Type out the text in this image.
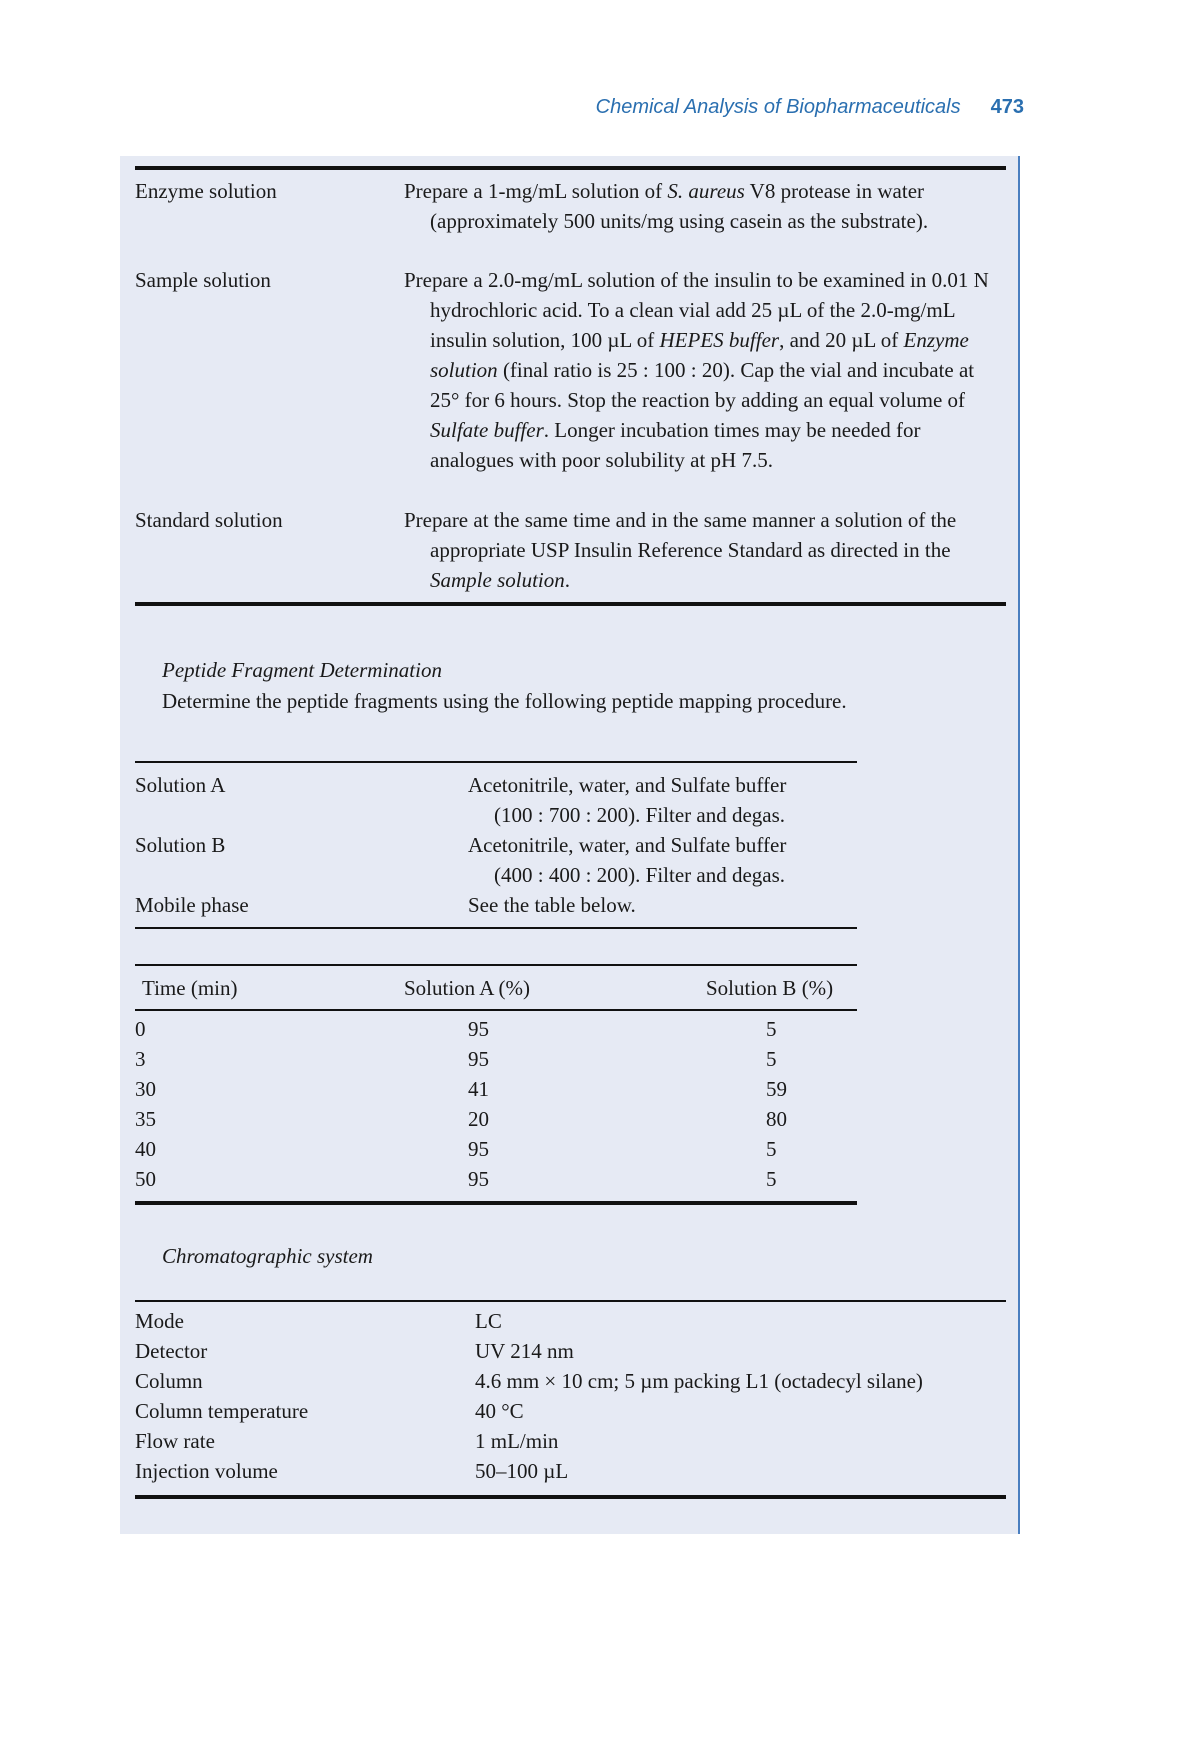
Chemical Analysis of Biopharmaceuticals 473
Enzyme solution	Prepare a 1-mg/mL solution of S. aureus V8 protease in water (approximately 500 units/mg using casein as the substrate).
Sample solution	Prepare a 2.0-mg/mL solution of the insulin to be examined in 0.01 N hydrochloric acid. To a clean vial add 25 µL of the 2.0-mg/mL insulin solution, 100 µL of HEPES buffer, and 20 µL of Enzyme solution (final ratio is 25 : 100 : 20). Cap the vial and incubate at 25° for 6 hours. Stop the reaction by adding an equal volume of Sulfate buffer. Longer incubation times may be needed for analogues with poor solubility at pH 7.5.
Standard solution	Prepare at the same time and in the same manner a solution of the appropriate USP Insulin Reference Standard as directed in the Sample solution.
Peptide Fragment Determination
Determine the peptide fragments using the following peptide mapping procedure.
Solution A	Acetonitrile, water, and Sulfate buffer
(100 : 700 : 200). Filter and degas.
Solution B	Acetonitrile, water, and Sulfate buffer
(400 : 400 : 200). Filter and degas.
Mobile phase	See the table below.
Time (min)	Solution A (%)	Solution B (%)
0	95	5
3	95	5
30	41	59
35	20	80
40	95	5
50	95	5
Chromatographic system
Mode	LC
Detector	UV 214 nm
Column	4.6 mm × 10 cm; 5 µm packing L1 (octadecyl silane)
Column temperature	40 °C
Flow rate	1 mL/min
Injection volume	50–100 µL
